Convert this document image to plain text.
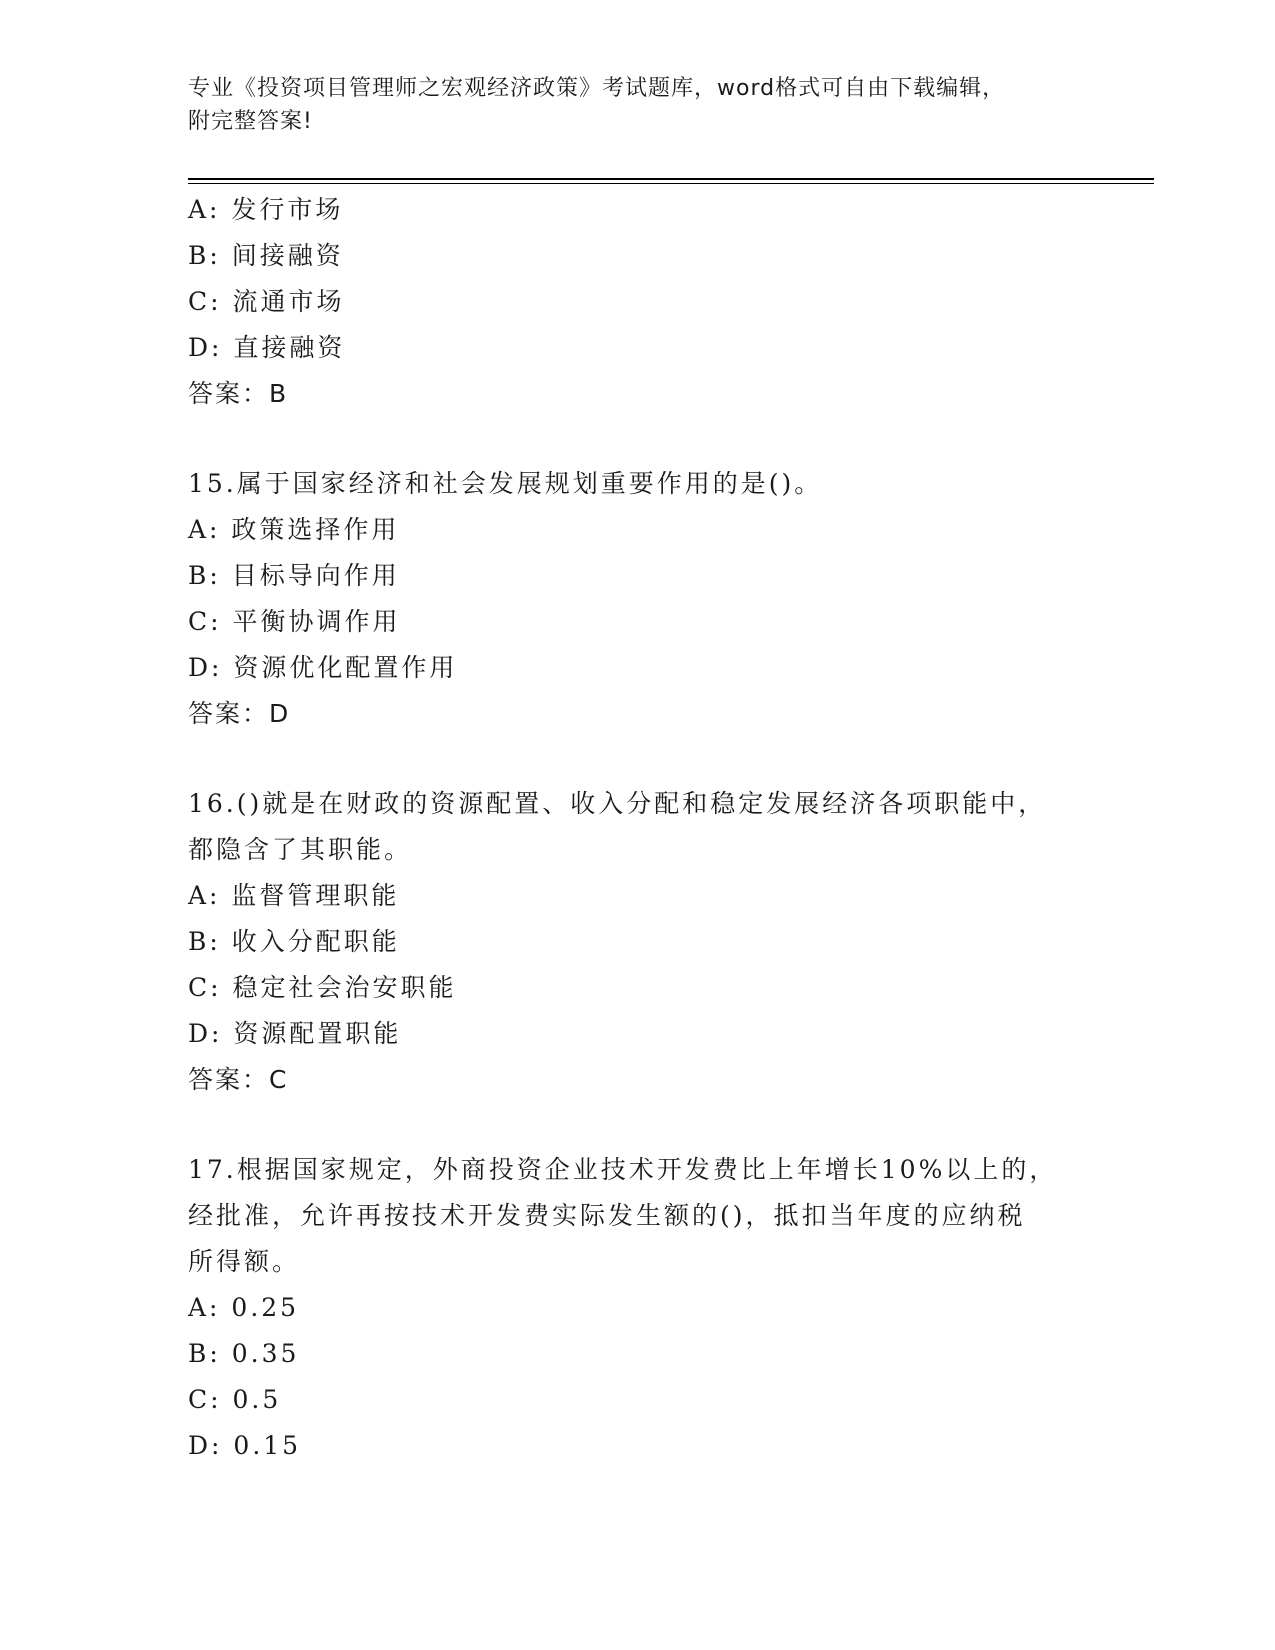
专业《投资项目管理师之宏观经济政策》考试题库，word格式可自由下载编辑，
附完整答案!
A: 发行市场
B: 间接融资
C: 流通市场
D: 直接融资
答案：B
15.属于国家经济和社会发展规划重要作用的是()。
A: 政策选择作用
B: 目标导向作用
C: 平衡协调作用
D: 资源优化配置作用
答案：D
16.()就是在财政的资源配置、收入分配和稳定发展经济各项职能中，
都隐含了其职能。
A: 监督管理职能
B: 收入分配职能
C: 稳定社会治安职能
D: 资源配置职能
答案：C
17.根据国家规定，外商投资企业技术开发费比上年增长10%以上的，
经批准，允许再按技术开发费实际发生额的()，抵扣当年度的应纳税
所得额。
A: 0.25
B: 0.35
C: 0.5
D: 0.15
